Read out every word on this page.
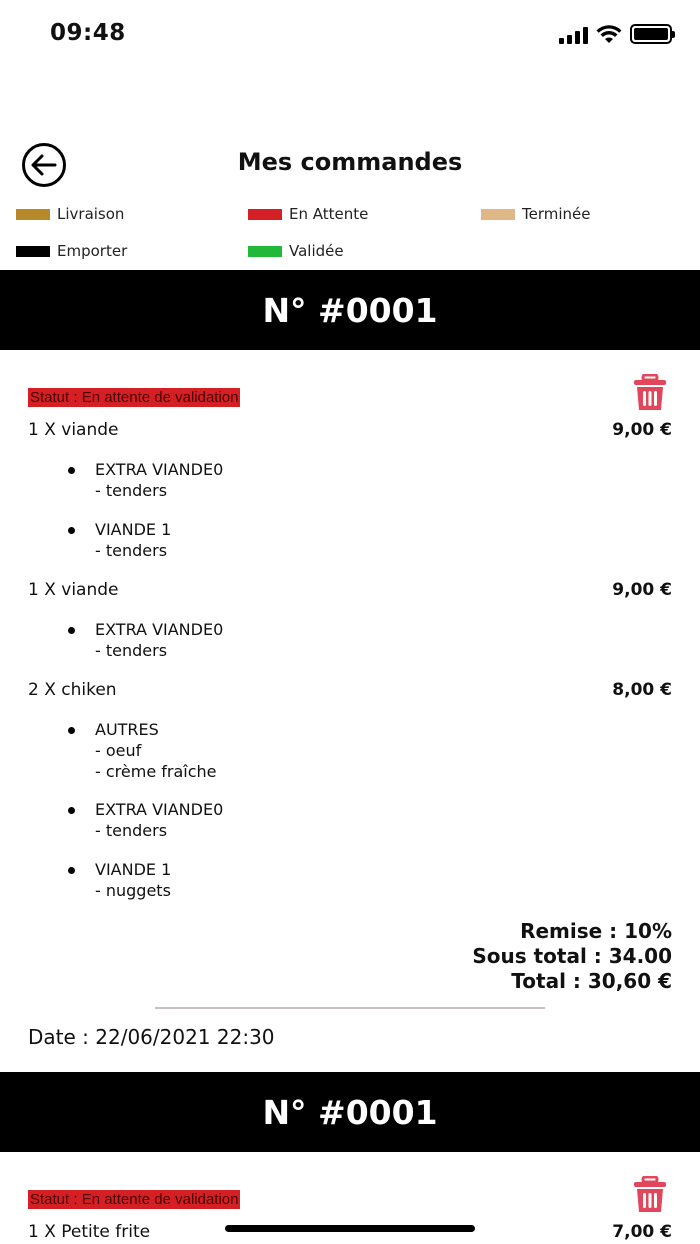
09:48
Mes commandes
Livraison	En Attente	Terminée
Emporter	Validée
N° #0001
Statut : En attente de validation
1 X viande	9,00 €
EXTRA VIANDE0
- tenders
VIANDE 1
- tenders
1 X viande	9,00 €
EXTRA VIANDE0
- tenders
2 X chiken	8,00 €
AUTRES
- oeuf
- crème fraîche
EXTRA VIANDE0
- tenders
VIANDE 1
- nuggets
Remise : 10%
Sous total : 34.00
Total : 30,60 €
Date : 22/06/2021 22:30
N° #0001
Statut : En attente de validation
1 X Petite frite	7,00 €
